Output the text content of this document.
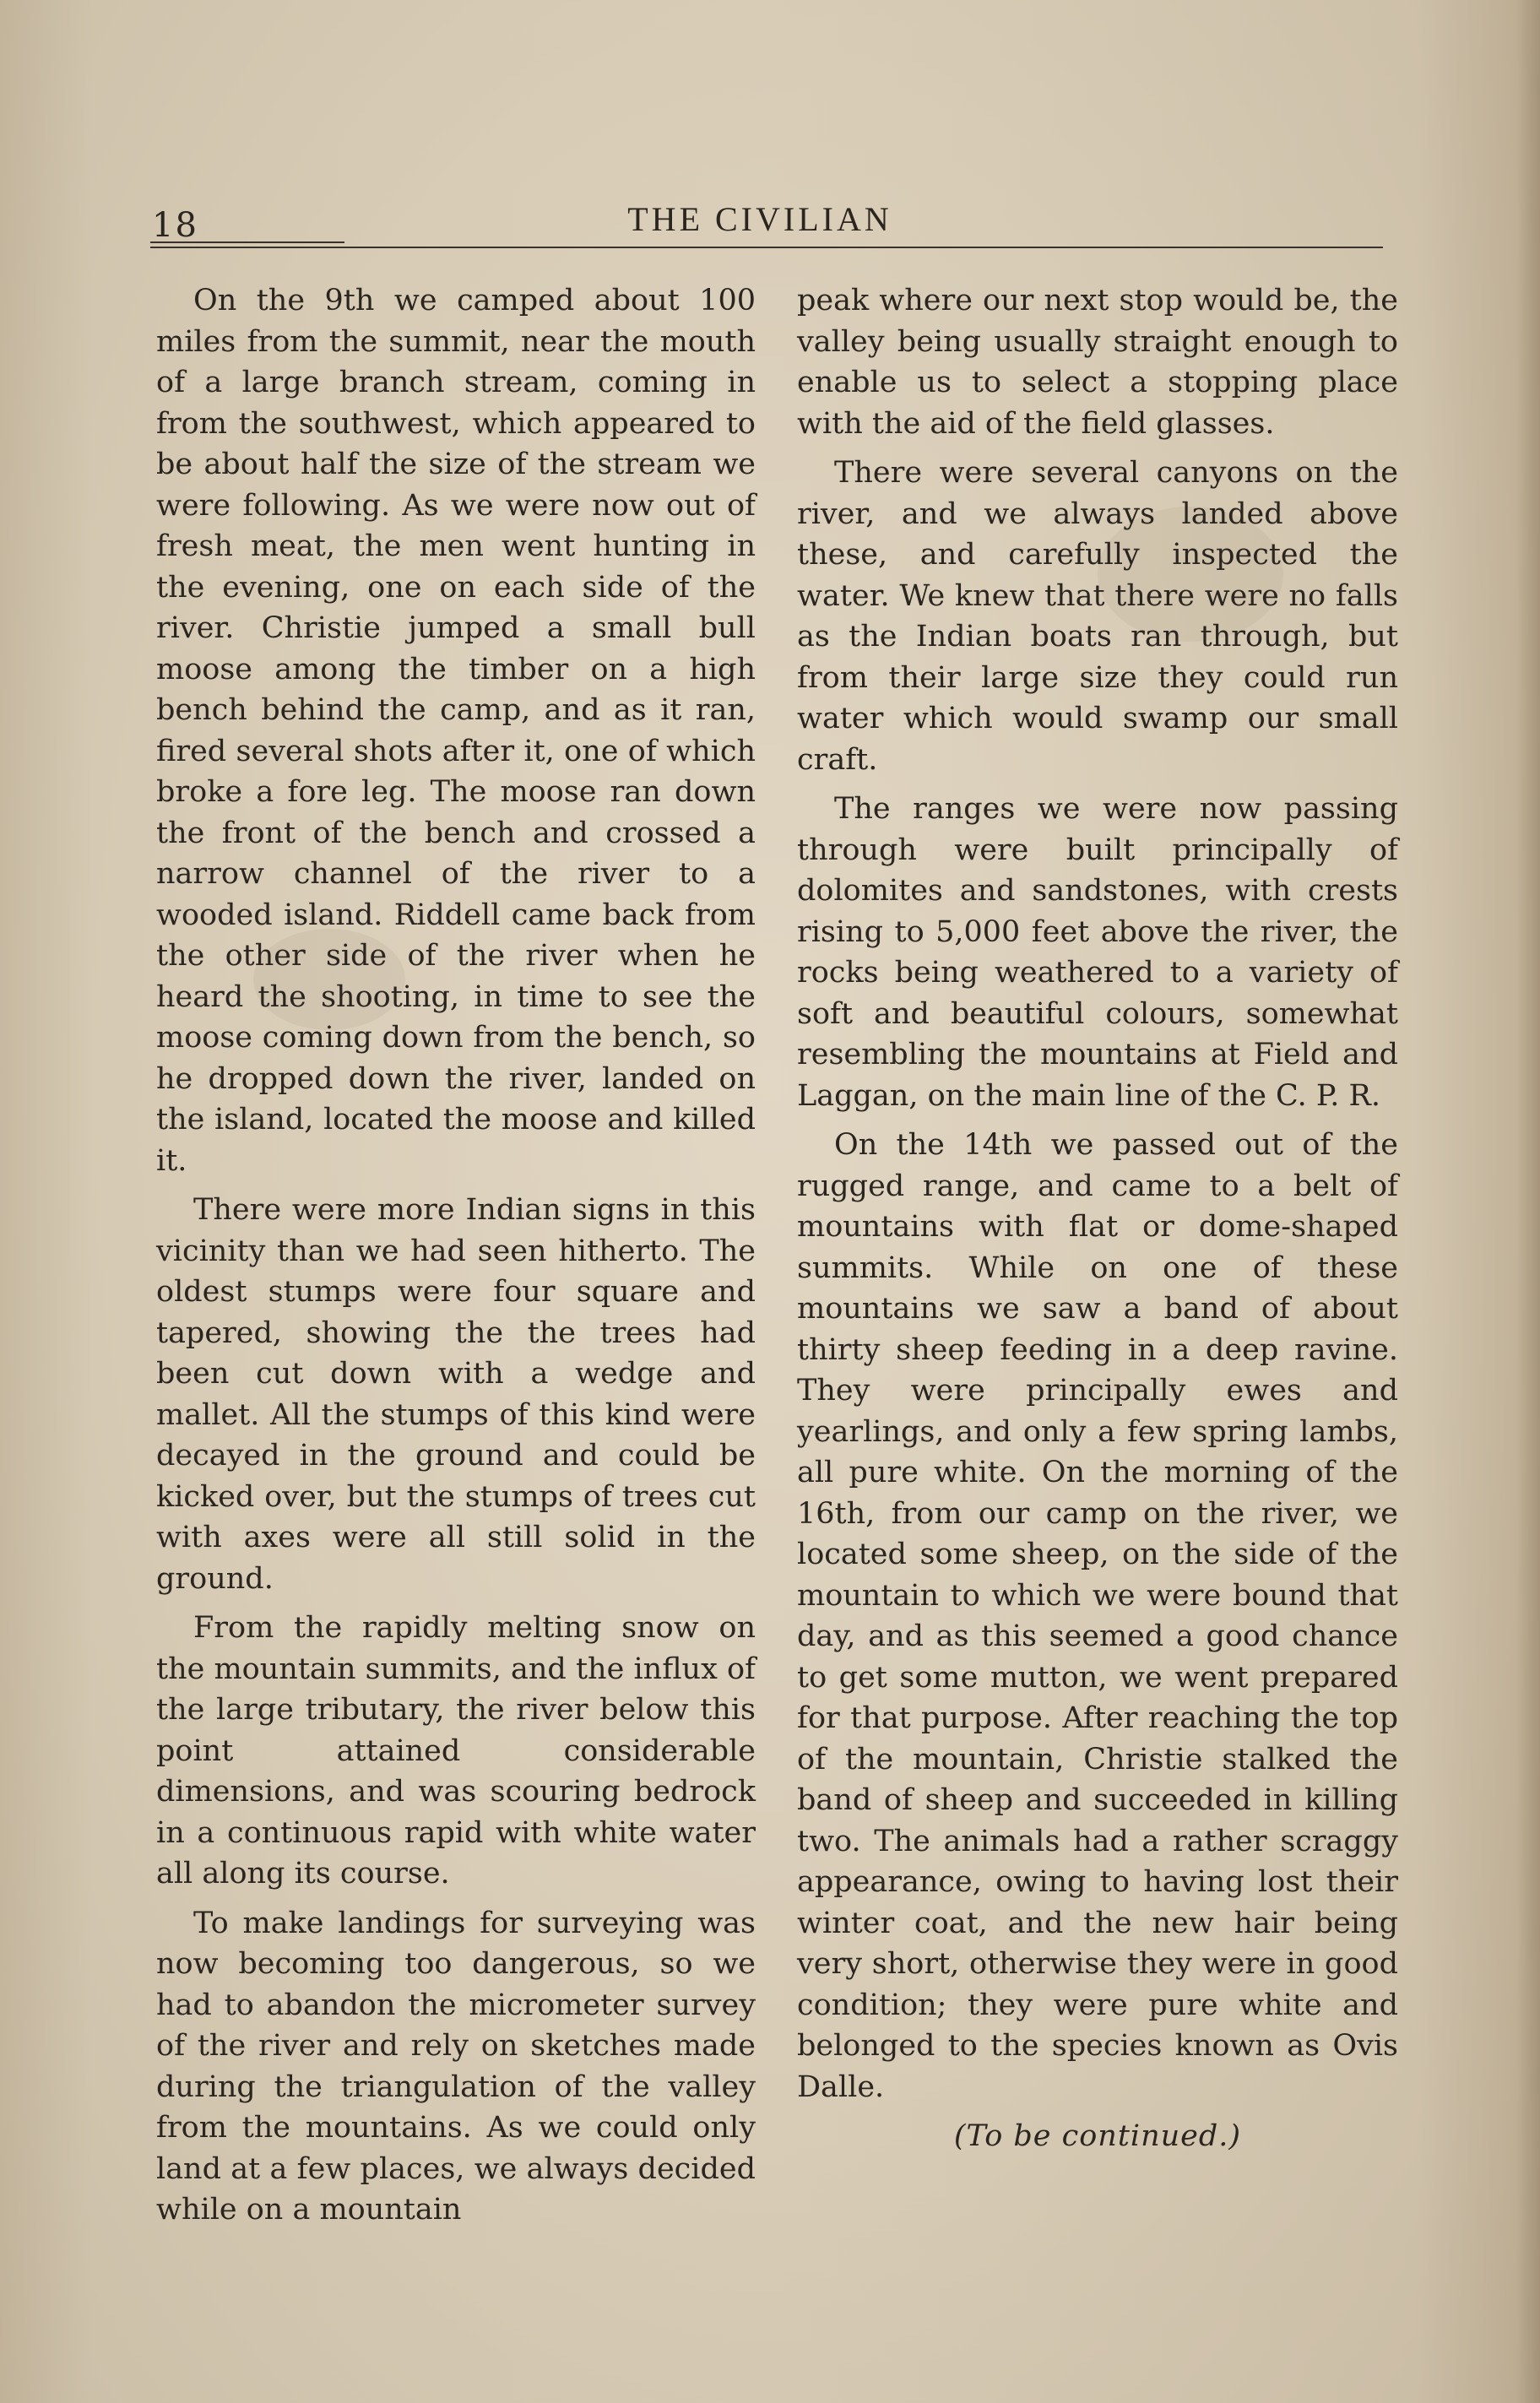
18	THE CIVILIAN

On the 9th we camped about 100 miles from the summit, near the mouth of a large branch stream, coming in from the southwest, which appeared to be about half the size of the stream we were following. As we were now out of fresh meat, the men went hunting in the evening, one on each side of the river. Christie jumped a small bull moose among the timber on a high bench behind the camp, and as it ran, fired several shots after it, one of which broke a fore leg. The moose ran down the front of the bench and crossed a narrow channel of the river to a wooded island. Riddell came back from the other side of the river when he heard the shooting, in time to see the moose coming down from the bench, so he dropped down the river, landed on the island, located the moose and killed it.

There were more Indian signs in this vicinity than we had seen hitherto. The oldest stumps were four square and tapered, showing the the trees had been cut down with a wedge and mallet. All the stumps of this kind were decayed in the ground and could be kicked over, but the stumps of trees cut with axes were all still solid in the ground.

From the rapidly melting snow on the mountain summits, and the influx of the large tributary, the river below this point attained considerable dimensions, and was scouring bedrock in a continuous rapid with white water all along its course.

To make landings for surveying was now becoming too dangerous, so we had to abandon the micrometer survey of the river and rely on sketches made during the triangulation of the valley from the mountains. As we could only land at a few places, we always decided while on a mountain

peak where our next stop would be, the valley being usually straight enough to enable us to select a stopping place with the aid of the field glasses.

There were several canyons on the river, and we always landed above these, and carefully inspected the water. We knew that there were no falls as the Indian boats ran through, but from their large size they could run water which would swamp our small craft.

The ranges we were now passing through were built principally of dolomites and sandstones, with crests rising to 5,000 feet above the river, the rocks being weathered to a variety of soft and beautiful colours, somewhat resembling the mountains at Field and Laggan, on the main line of the C. P. R.

On the 14th we passed out of the rugged range, and came to a belt of mountains with flat or dome-shaped summits. While on one of these mountains we saw a band of about thirty sheep feeding in a deep ravine. They were principally ewes and yearlings, and only a few spring lambs, all pure white. On the morning of the 16th, from our camp on the river, we located some sheep, on the side of the mountain to which we were bound that day, and as this seemed a good chance to get some mutton, we went prepared for that purpose. After reaching the top of the mountain, Christie stalked the band of sheep and succeeded in killing two. The animals had a rather scraggy appearance, owing to having lost their winter coat, and the new hair being very short, otherwise they were in good condition; they were pure white and belonged to the species known as Ovis Dalle.

(To be continued.)
